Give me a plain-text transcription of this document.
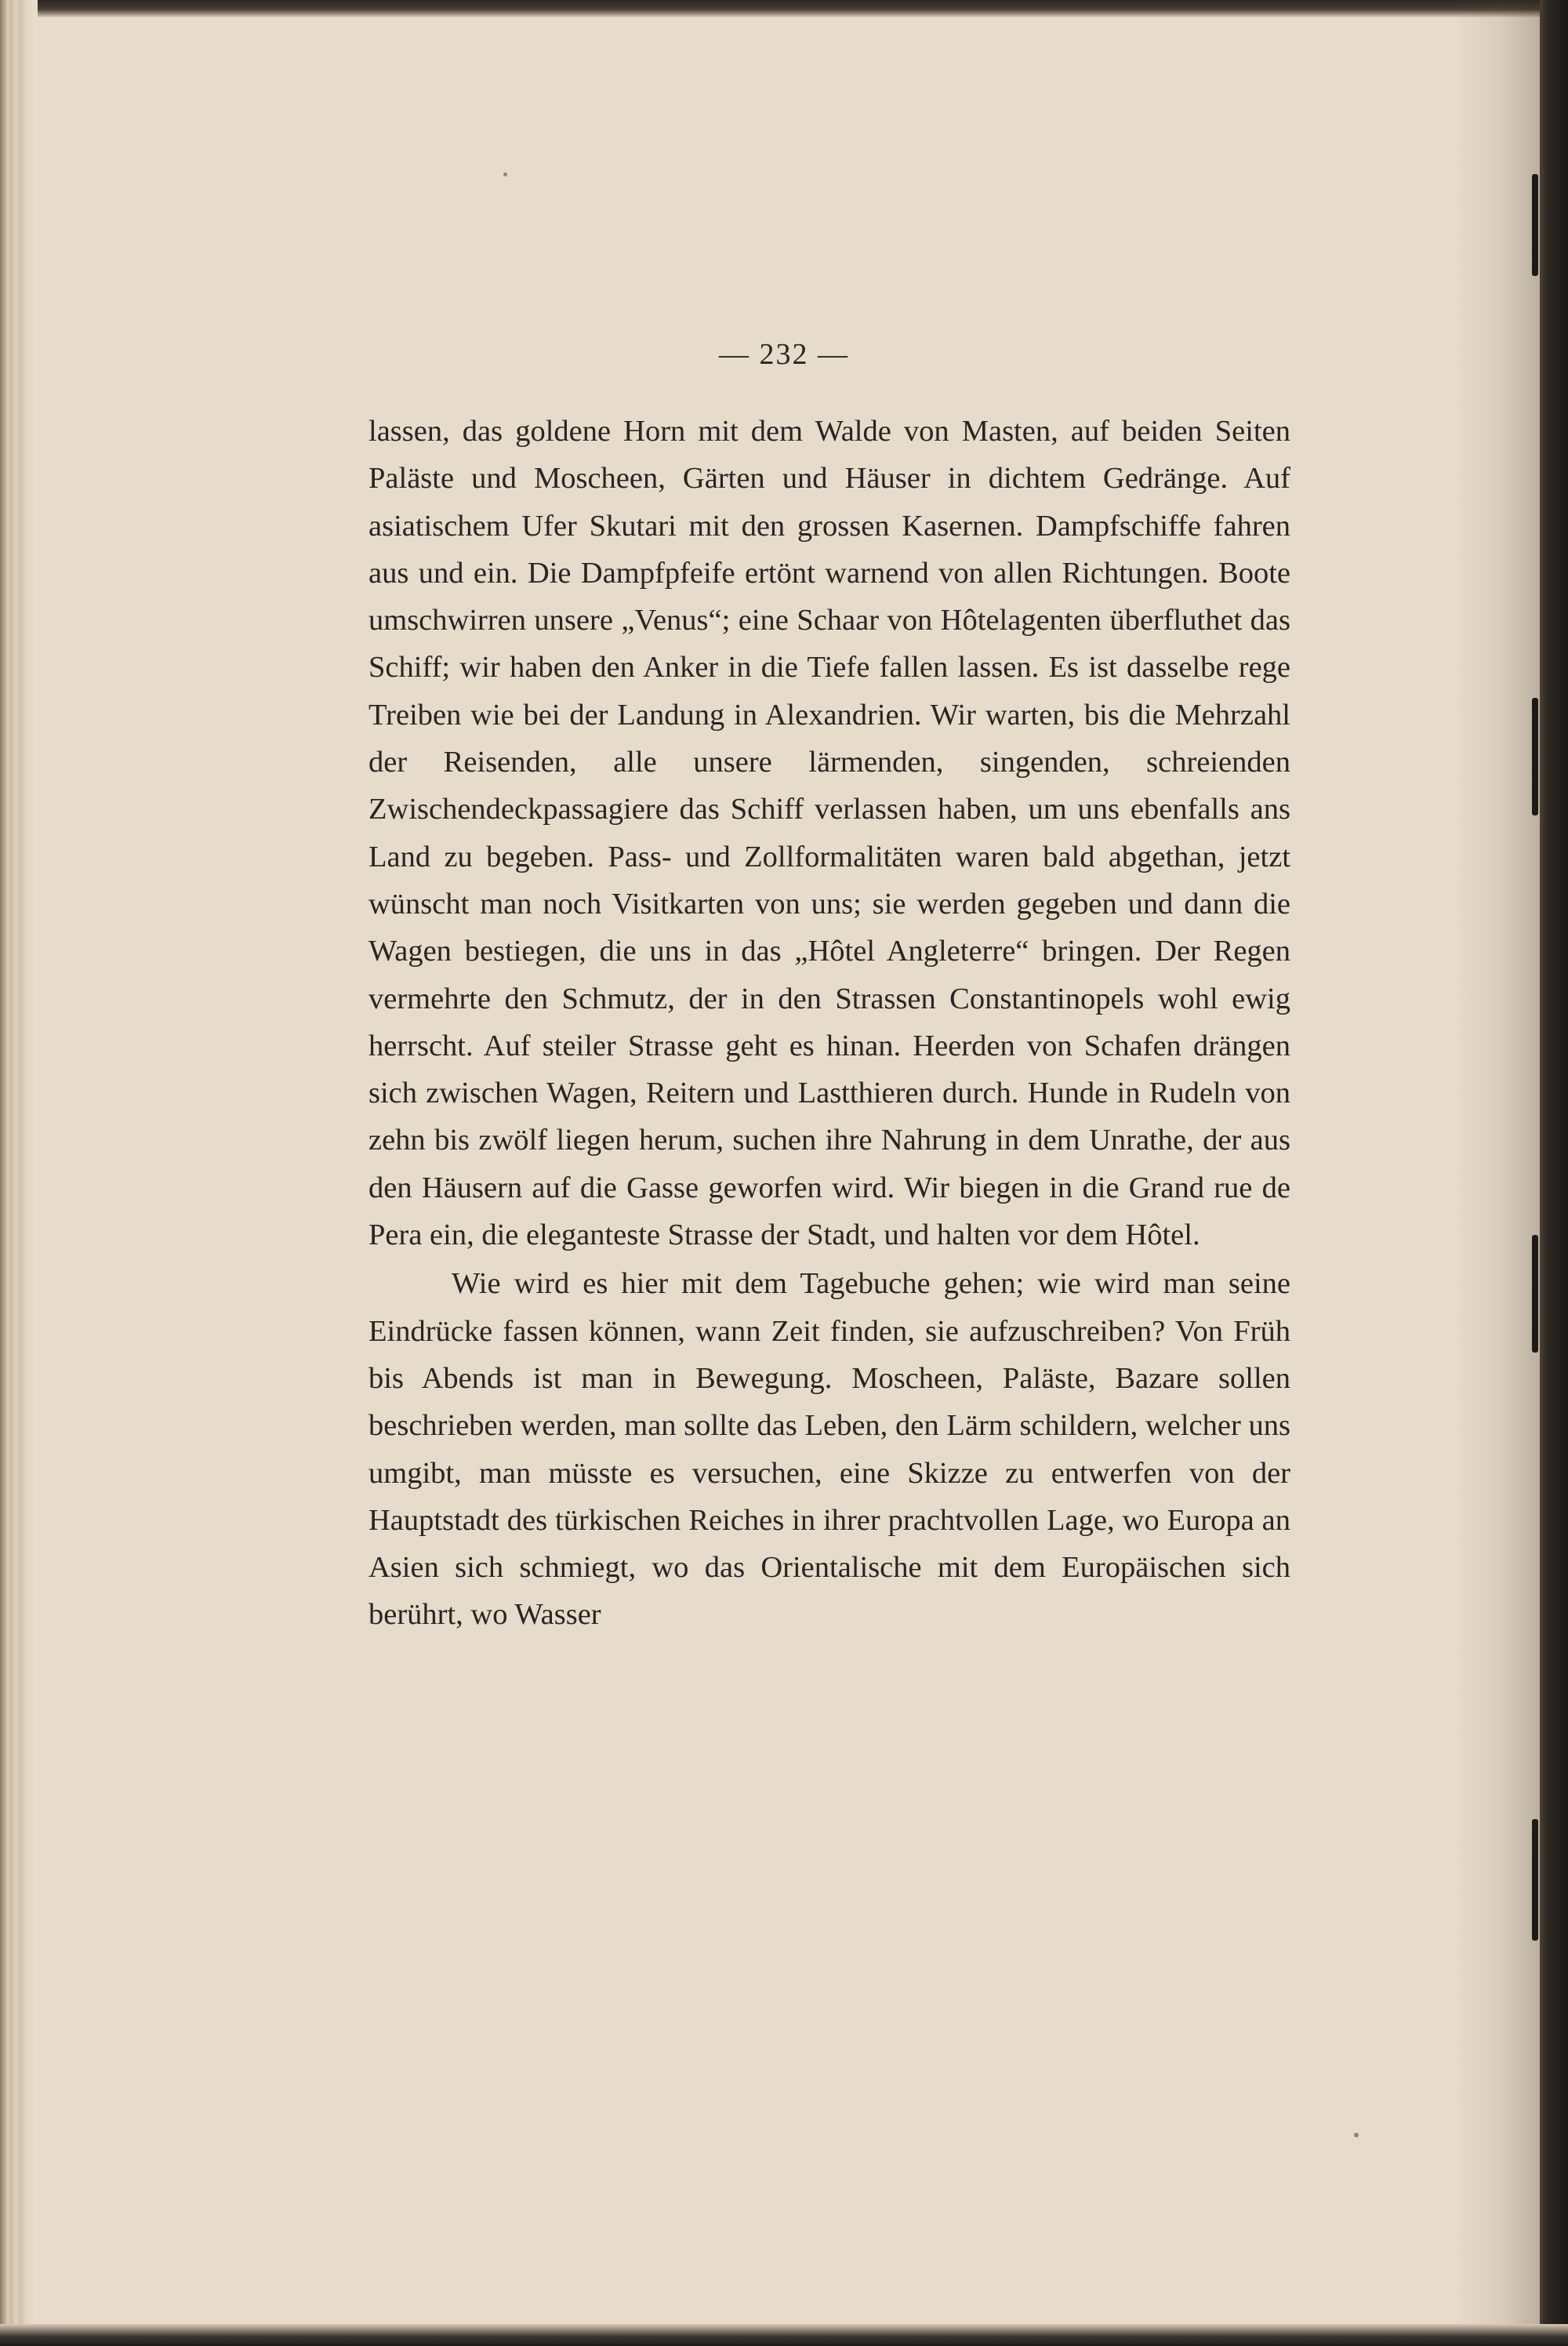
— 232 —

lassen, das goldene Horn mit dem Walde von Masten, auf beiden Seiten Paläste und Moscheen, Gärten und Häuser in dichtem Gedränge. Auf asiatischem Ufer Skutari mit den grossen Kasernen. Dampfschiffe fahren aus und ein. Die Dampfpfeife ertönt warnend von allen Richtungen. Boote umschwirren unsere „Venus“; eine Schaar von Hôtelagenten überfluthet das Schiff; wir haben den Anker in die Tiefe fallen lassen. Es ist dasselbe rege Treiben wie bei der Landung in Alexandrien. Wir warten, bis die Mehrzahl der Reisenden, alle unsere lärmenden, singenden, schreienden Zwischendeckpassagiere das Schiff verlassen haben, um uns ebenfalls ans Land zu begeben. Pass- und Zollformalitäten waren bald abgethan, jetzt wünscht man noch Visitkarten von uns; sie werden gegeben und dann die Wagen bestiegen, die uns in das „Hôtel Angleterre“ bringen. Der Regen vermehrte den Schmutz, der in den Strassen Constantinopels wohl ewig herrscht. Auf steiler Strasse geht es hinan. Heerden von Schafen drängen sich zwischen Wagen, Reitern und Lastthieren durch. Hunde in Rudeln von zehn bis zwölf liegen herum, suchen ihre Nahrung in dem Unrathe, der aus den Häusern auf die Gasse geworfen wird. Wir biegen in die Grand rue de Pera ein, die eleganteste Strasse der Stadt, und halten vor dem Hôtel.

Wie wird es hier mit dem Tagebuche gehen; wie wird man seine Eindrücke fassen können, wann Zeit finden, sie aufzuschreiben? Von Früh bis Abends ist man in Bewegung. Moscheen, Paläste, Bazare sollen beschrieben werden, man sollte das Leben, den Lärm schildern, welcher uns umgibt, man müsste es versuchen, eine Skizze zu entwerfen von der Hauptstadt des türkischen Reiches in ihrer prachtvollen Lage, wo Europa an Asien sich schmiegt, wo das Orientalische mit dem Europäischen sich berührt, wo Wasser
